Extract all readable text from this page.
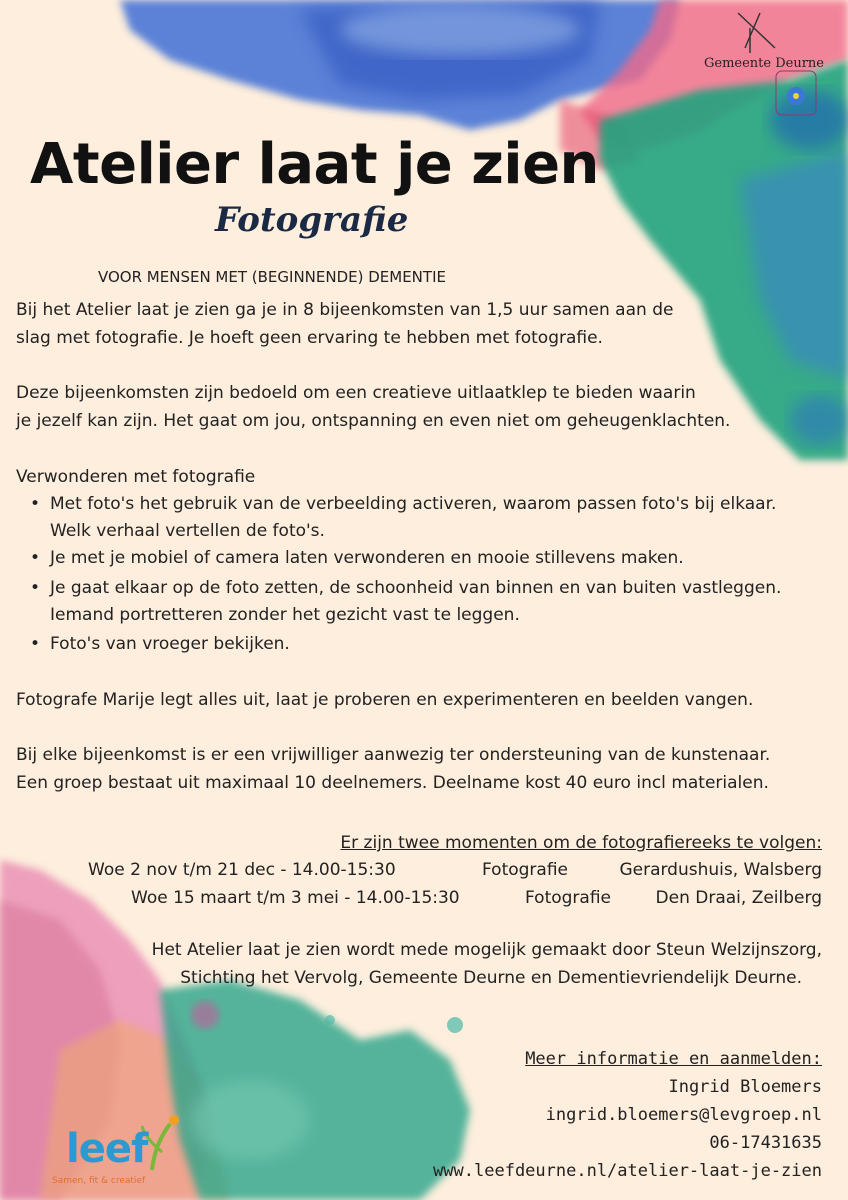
Gemeente Deurne
Atelier laat je zien
Fotografie
VOOR MENSEN MET (BEGINNENDE) DEMENTIE
Bij het Atelier laat je zien ga je in 8 bijeenkomsten van 1,5 uur samen aan de
slag met fotografie. Je hoeft geen ervaring te hebben met fotografie.
Deze bijeenkomsten zijn bedoeld om een creatieve uitlaatklep te bieden waarin
je jezelf kan zijn. Het gaat om jou, ontspanning en even niet om geheugenklachten.
Verwonderen met fotografie
• Met foto's het gebruik van de verbeelding activeren, waarom passen foto's bij elkaar.
Welk verhaal vertellen de foto's.
• Je met je mobiel of camera laten verwonderen en mooie stillevens maken.
• Je gaat elkaar op de foto zetten, de schoonheid van binnen en van buiten vastleggen.
Iemand portretteren zonder het gezicht vast te leggen.
• Foto's van vroeger bekijken.
Fotografe Marije legt alles uit, laat je proberen en experimenteren en beelden vangen.
Bij elke bijeenkomst is er een vrijwilliger aanwezig ter ondersteuning van de kunstenaar.
Een groep bestaat uit maximaal 10 deelnemers. Deelname kost 40 euro incl materialen.
Er zijn twee momenten om de fotografiereeks te volgen:
Woe 2 nov t/m 21 dec - 14.00-15:30	Fotografie	Gerardushuis, Walsberg
Woe 15 maart t/m 3 mei - 14.00-15:30	Fotografie	Den Draai, Zeilberg
Het Atelier laat je zien wordt mede mogelijk gemaakt door Steun Welzijnszorg,
Stichting het Vervolg, Gemeente Deurne en Dementievriendelijk Deurne.
Meer informatie en aanmelden:
Ingrid Bloemers
ingrid.bloemers@levgroep.nl
06-17431635
www.leefdeurne.nl/atelier-laat-je-zien
leef
Samen, fit & creatief
